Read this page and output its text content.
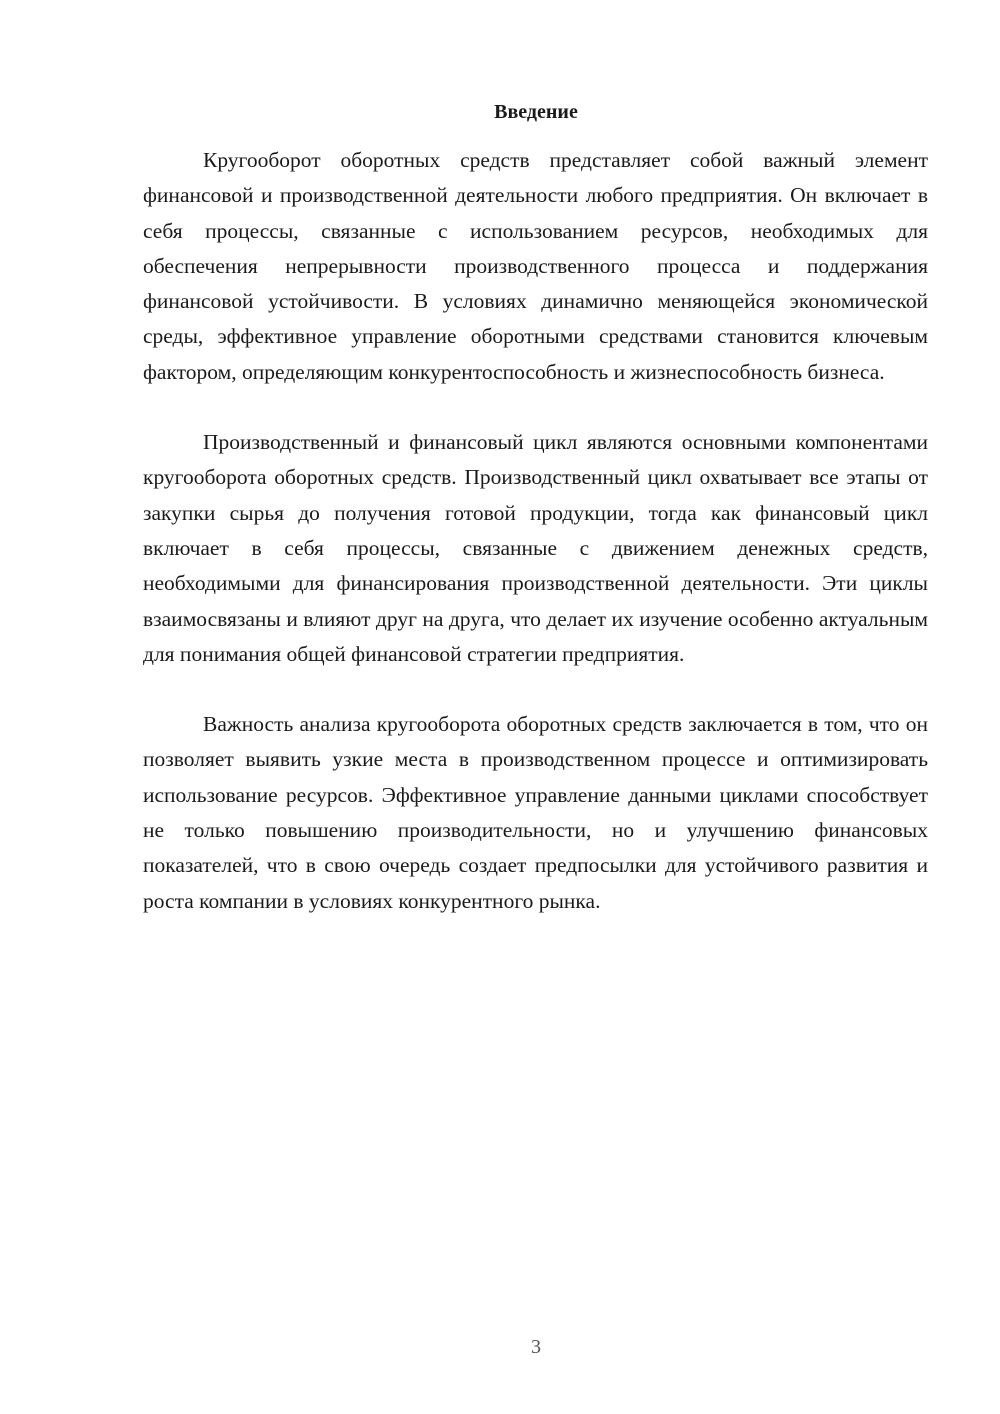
Введение

Кругооборот оборотных средств представляет собой важный элемент финансовой и производственной деятельности любого предприятия. Он включает в себя процессы, связанные с использованием ресурсов, необходимых для обеспечения непрерывности производственного процесса и поддержания финансовой устойчивости. В условиях динамично меняющейся экономической среды, эффективное управление оборотными средствами становится ключевым фактором, определяющим конкурентоспособность и жизнеспособность бизнеса.

Производственный и финансовый цикл являются основными компонентами кругооборота оборотных средств. Производственный цикл охватывает все этапы от закупки сырья до получения готовой продукции, тогда как финансовый цикл включает в себя процессы, связанные с движением денежных средств, необходимыми для финансирования производственной деятельности. Эти циклы взаимосвязаны и влияют друг на друга, что делает их изучение особенно актуальным для понимания общей финансовой стратегии предприятия.

Важность анализа кругооборота оборотных средств заключается в том, что он позволяет выявить узкие места в производственном процессе и оптимизировать использование ресурсов. Эффективное управление данными циклами способствует не только повышению производительности, но и улучшению финансовых показателей, что в свою очередь создает предпосылки для устойчивого развития и роста компании в условиях конкурентного рынка.

3
